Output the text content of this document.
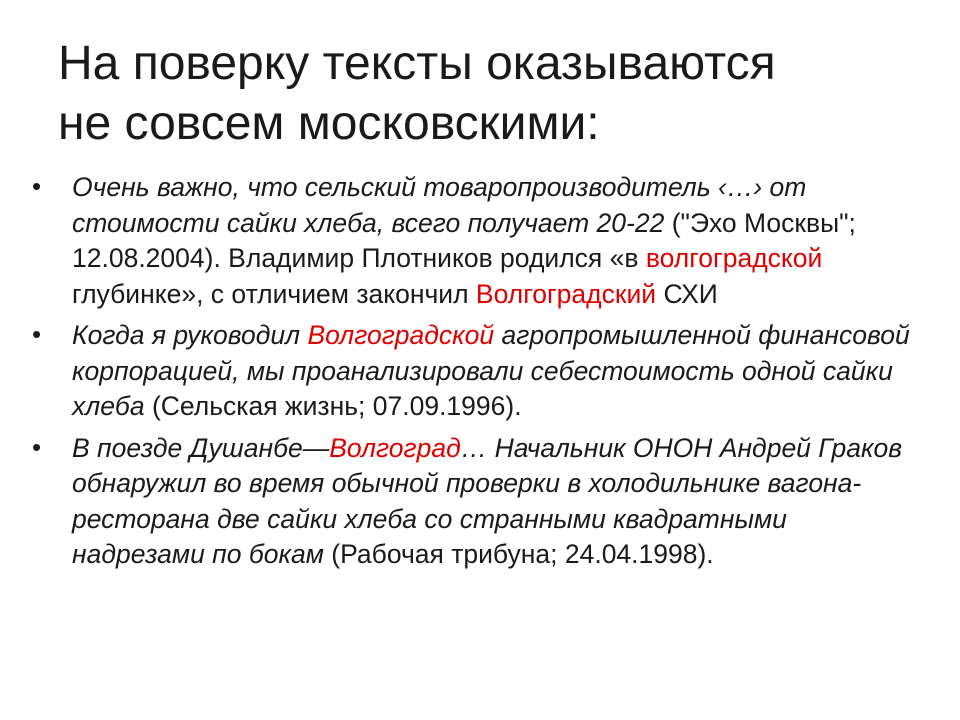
На поверку тексты оказываются
не совсем московскими:
• Очень важно, что сельский товаропроизводитель ‹…› от стоимости сайки хлеба, всего получает 20-22 ("Эхо Москвы"; 12.08.2004). Владимир Плотников родился «в волгоградской глубинке», с отличием закончил Волгоградский СХИ
• Когда я руководил Волгоградской агропромышленной финансовой корпорацией, мы проанализировали себестоимость одной сайки хлеба (Сельская жизнь; 07.09.1996).
• В поезде Душанбе—Волгоград… Начальник ОНОН Андрей Граков обнаружил во время обычной проверки в холодильнике вагона-ресторана две сайки хлеба со странными квадратными надрезами по бокам (Рабочая трибуна; 24.04.1998).
